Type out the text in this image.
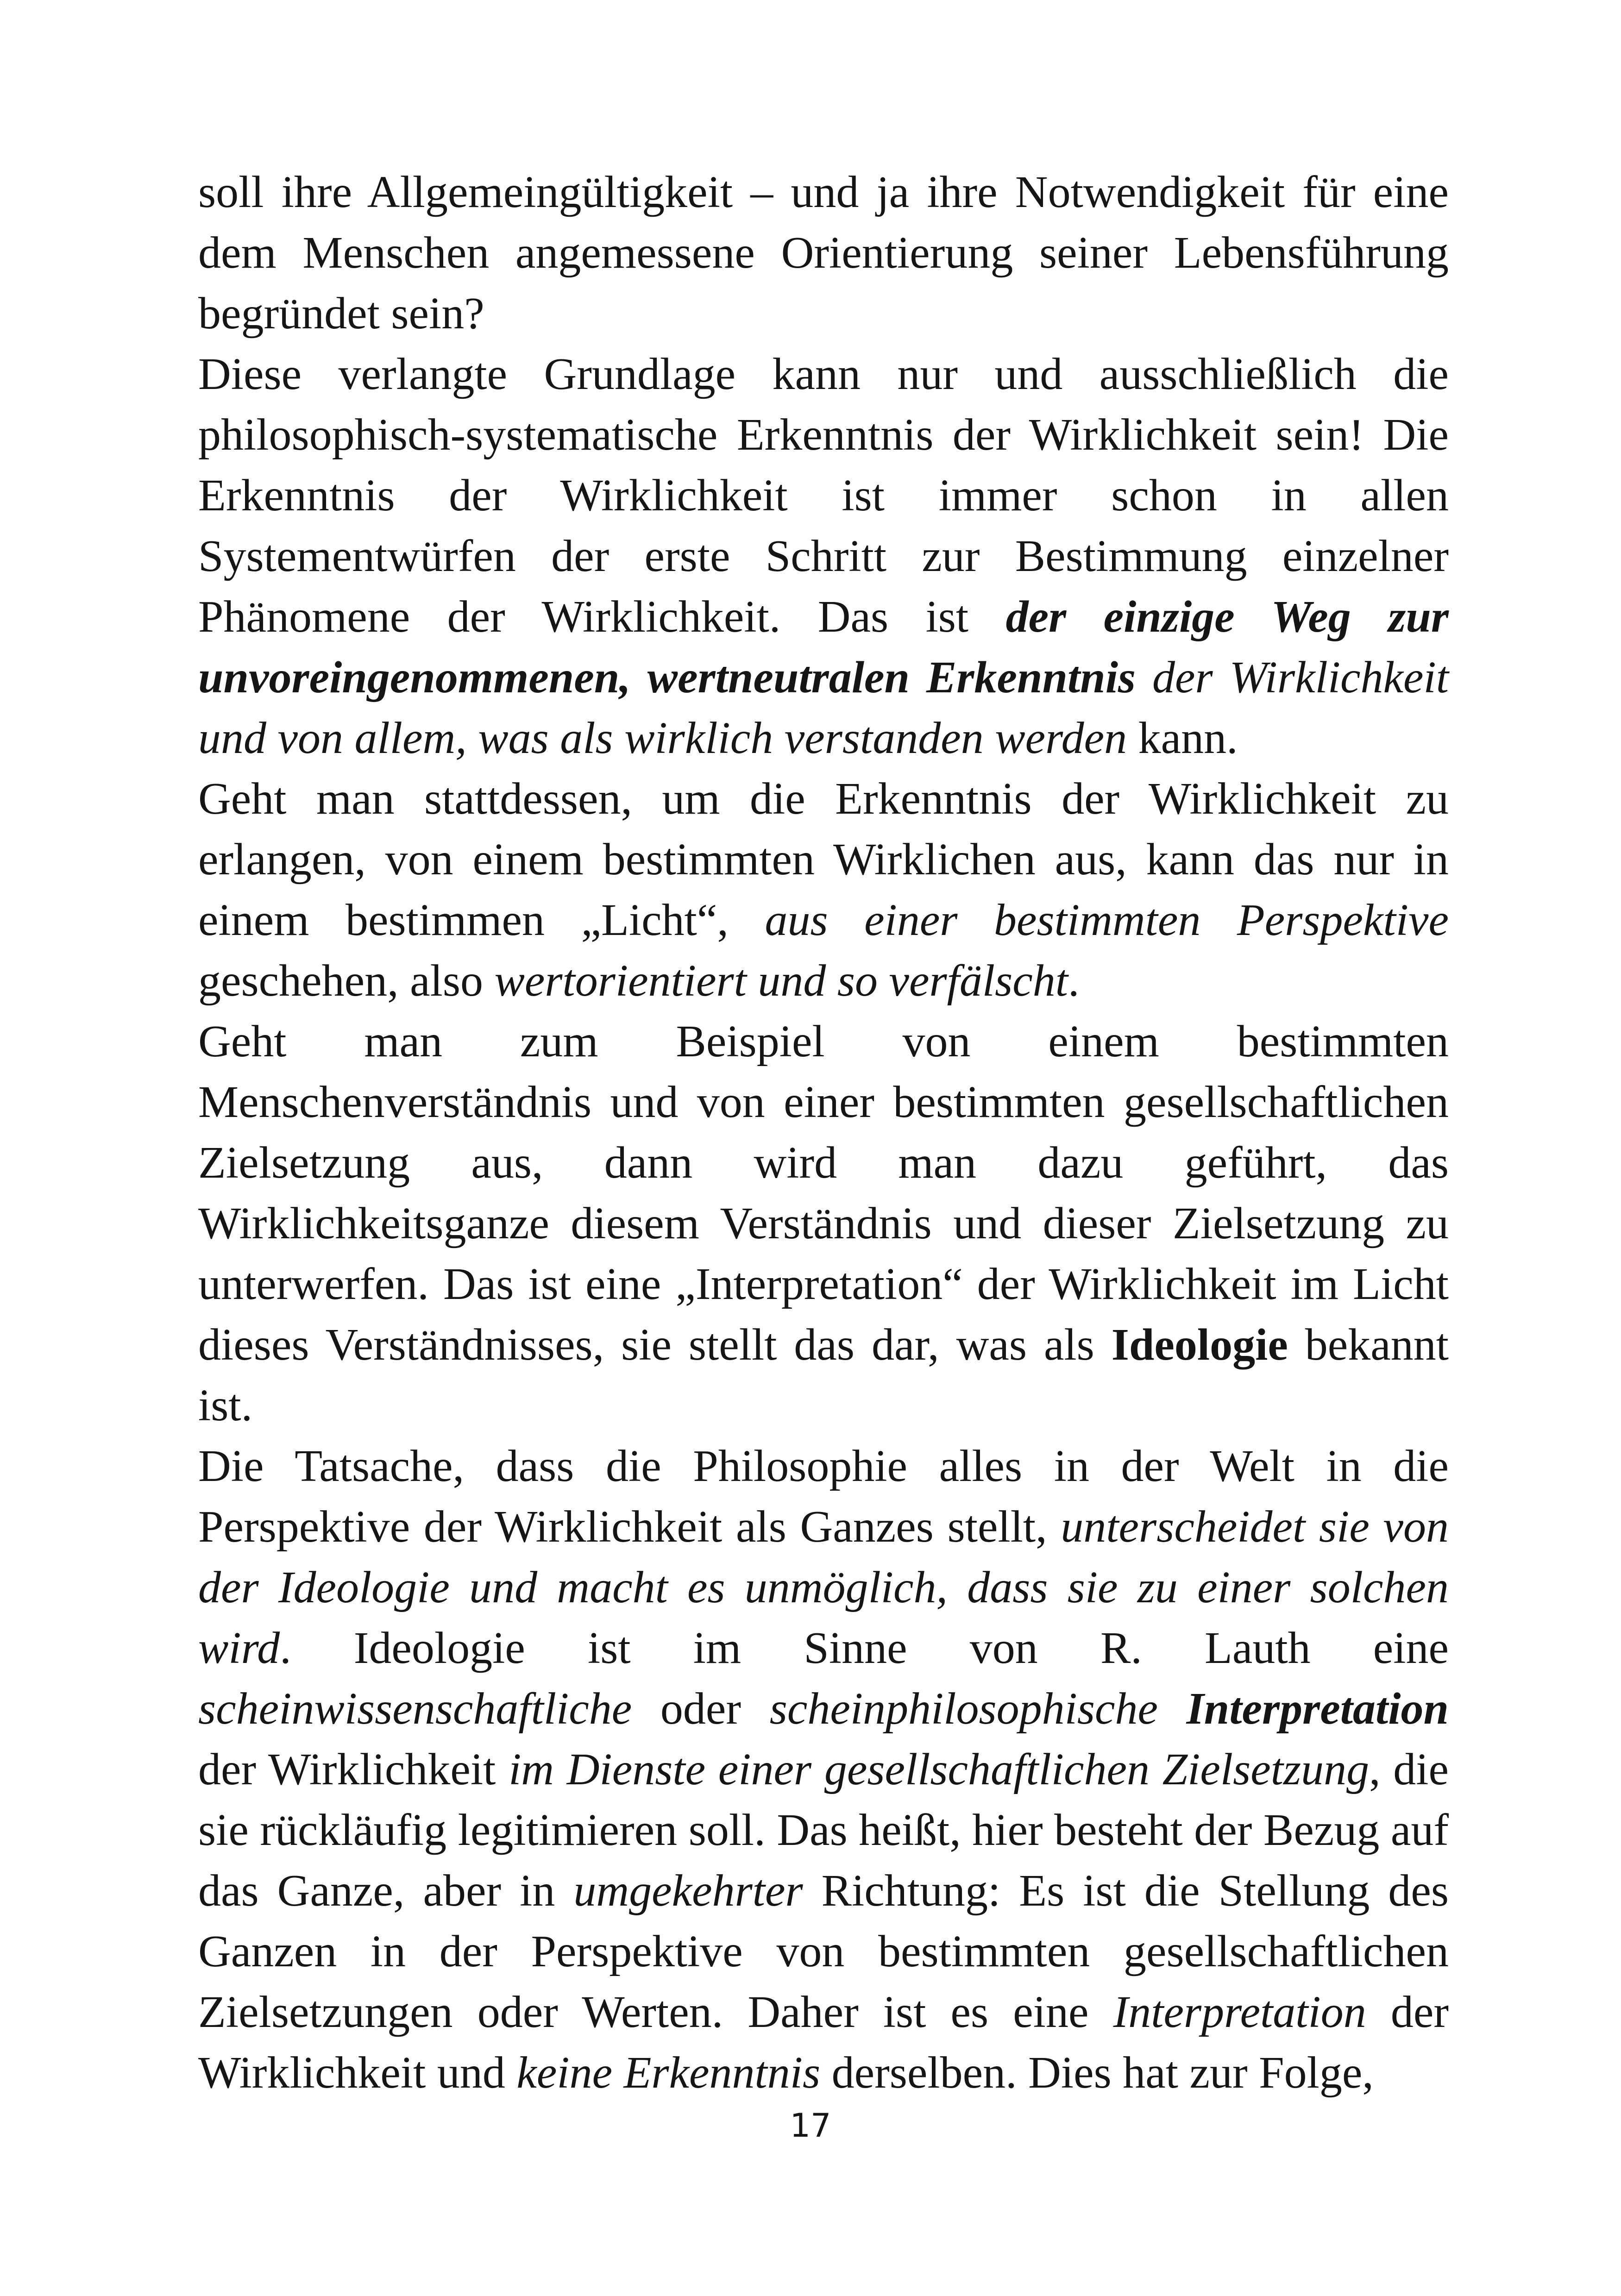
soll ihre Allgemeingültigkeit – und ja ihre Notwendigkeit für eine dem Menschen angemessene Orientierung seiner Lebensführung begründet sein?

Diese verlangte Grundlage kann nur und ausschließlich die philosophisch-systematische Erkenntnis der Wirklichkeit sein! Die Erkenntnis der Wirklichkeit ist immer schon in allen Systementwürfen der erste Schritt zur Bestimmung einzelner Phänomene der Wirklichkeit. Das ist der einzige Weg zur unvoreingenommenen, wertneutralen Erkenntnis der Wirklichkeit und von allem, was als wirklich verstanden werden kann.

Geht man stattdessen, um die Erkenntnis der Wirklichkeit zu erlangen, von einem bestimmten Wirklichen aus, kann das nur in einem bestimmen „Licht“, aus einer bestimmten Perspektive geschehen, also wertorientiert und so verfälscht.

Geht man zum Beispiel von einem bestimmten Menschenverständnis und von einer bestimmten gesellschaftlichen Zielsetzung aus, dann wird man dazu geführt, das Wirklichkeitsganze diesem Verständnis und dieser Zielsetzung zu unterwerfen. Das ist eine „Interpretation“ der Wirklichkeit im Licht dieses Verständnisses, sie stellt das dar, was als Ideologie bekannt ist.

Die Tatsache, dass die Philosophie alles in der Welt in die Perspektive der Wirklichkeit als Ganzes stellt, unterscheidet sie von der Ideologie und macht es unmöglich, dass sie zu einer solchen wird. Ideologie ist im Sinne von R. Lauth eine scheinwissenschaftliche oder scheinphilosophische Interpretation der Wirklichkeit im Dienste einer gesellschaftlichen Zielsetzung, die sie rückläufig legitimieren soll. Das heißt, hier besteht der Bezug auf das Ganze, aber in umgekehrter Richtung: Es ist die Stellung des Ganzen in der Perspektive von bestimmten gesellschaftlichen Zielsetzungen oder Werten. Daher ist es eine Interpretation der Wirklichkeit und keine Erkenntnis derselben. Dies hat zur Folge,

17
